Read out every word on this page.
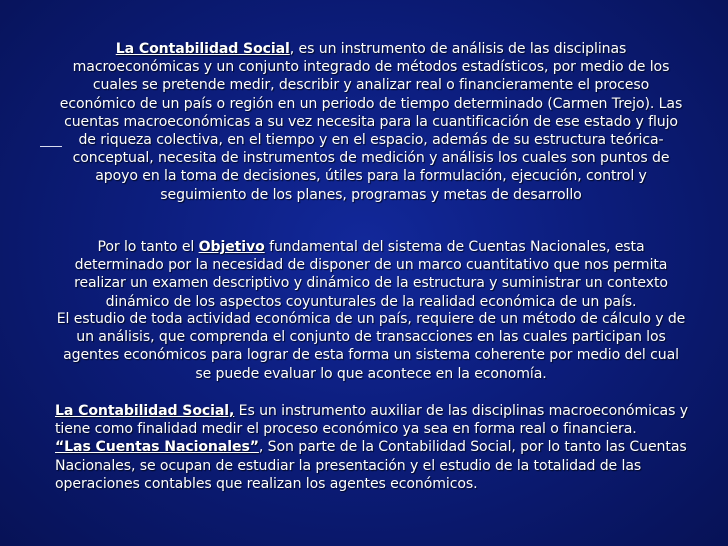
La Contabilidad Social, es un instrumento de análisis de las disciplinas macroeconómicas y un conjunto integrado de métodos estadísticos, por medio de los cuales se pretende medir, describir y analizar real o financieramente el proceso económico de un país o región en un periodo de tiempo determinado (Carmen Trejo). Las cuentas macroeconómicas a su vez necesita para la cuantificación de ese estado y flujo de riqueza colectiva, en el tiempo y en el espacio, además de su estructura teórica-conceptual, necesita de instrumentos de medición y análisis los cuales son puntos de apoyo en la toma de decisiones, útiles para la formulación, ejecución, control y seguimiento de los planes, programas y metas de desarrollo
Por lo tanto el Objetivo fundamental del sistema de Cuentas Nacionales, esta determinado por la necesidad de disponer de un marco cuantitativo que nos permita realizar un examen descriptivo y dinámico de la estructura y suministrar un contexto dinámico de los aspectos coyunturales de la realidad económica de un país.
El estudio de toda actividad económica de un país, requiere de un método de cálculo y de un análisis, que comprenda el conjunto de transacciones en las cuales participan los agentes económicos para lograr de esta forma un sistema coherente por medio del cual se puede evaluar lo que acontece en la economía.
La Contabilidad Social, Es un instrumento auxiliar de las disciplinas macroeconómicas y tiene como finalidad medir el proceso económico ya sea en forma real o financiera.
“Las Cuentas Nacionales”, Son parte de la Contabilidad Social, por lo tanto las Cuentas Nacionales, se ocupan de estudiar la presentación y el estudio de la totalidad de las operaciones contables que realizan los agentes económicos.
